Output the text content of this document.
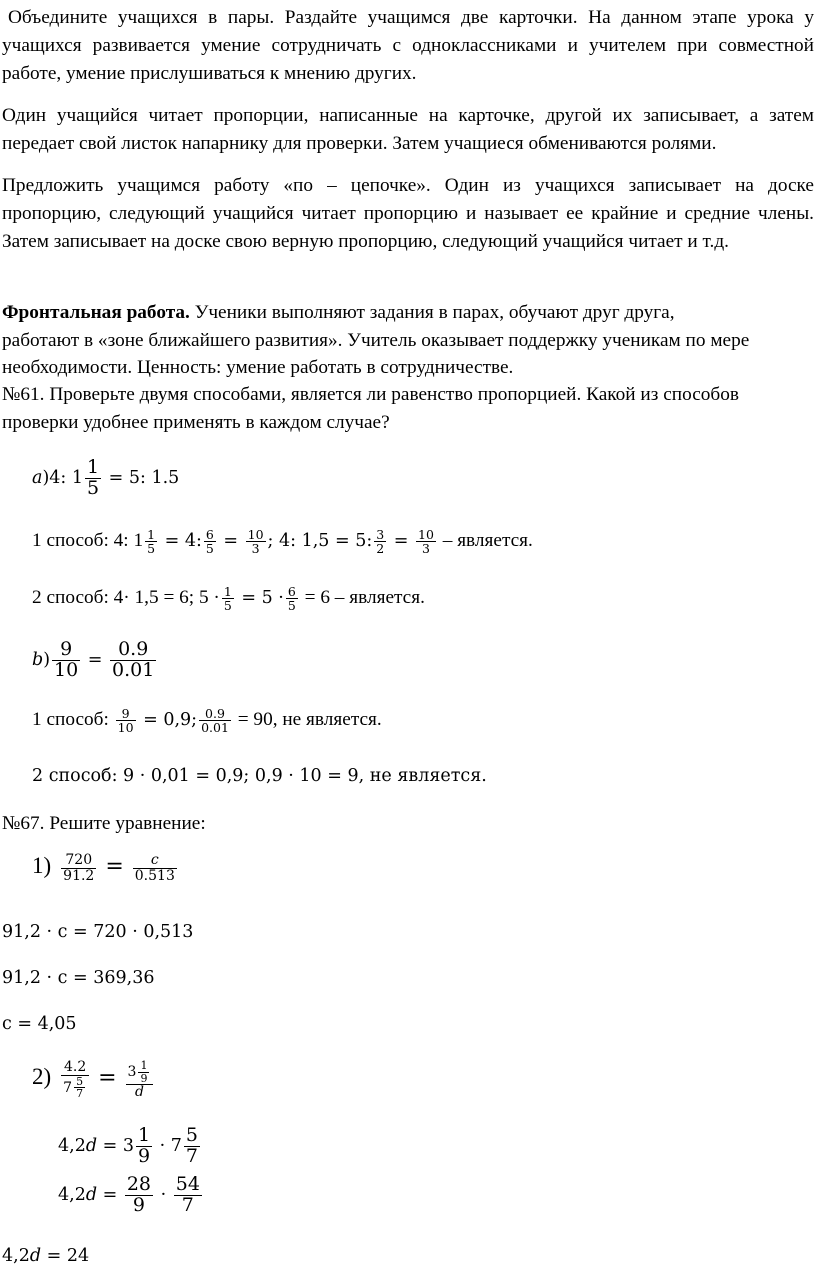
Объедините учащихся в пары. Раздайте учащимся две карточки. На данном этапе урока у учащихся развивается умение сотрудничать с одноклассниками и учителем при совместной работе, умение прислушиваться к мнению других.

Один учащийся читает пропорции, написанные на карточке, другой их записывает, а затем передает свой листок напарнику для проверки. Затем учащиеся обмениваются ролями.

Предложить учащимся работу «по – цепочке». Один из учащихся записывает на доске пропорцию, следующий учащийся читает пропорцию и называет ее крайние и средние члены. Затем записывает на доске свою верную пропорцию, следующий учащийся читает и т.д.

Фронтальная работа. Ученики выполняют задания в парах, обучают друг друга,
работают в «зоне ближайшего развития». Учитель оказывает поддержку ученикам по мере
необходимости. Ценность: умение работать в сотрудничестве.

№61. Проверьте двумя способами, является ли равенство пропорцией. Какой из способов проверки удобнее применять в каждом случае?

a)4: $1 \frac{1}{5} = 5$: 1.5
1 способ: 4: $1 \frac{1}{5} = 4$: $\frac{6}{5} = \frac{10}{3}$ ; 4: 1,5 = 5: $\frac{3}{2} = \frac{10}{3}$ – является.
2 способ: 4· 1,5 = 6; $5 \cdot \frac{1}{5} = 5 \cdot \frac{6}{5} = 6$ – является.
$b) \frac{9}{10} = \frac{0.9}{0.01}$
1 способ: $\frac{9}{10} = 0,9$; $\frac{0.9}{0.01} = 90$, не является.
2 способ: 9 · 0,01 = 0,9; 0,9 · 10 = 9, не является.
№67. Решите уравнение:
$1) \frac{720}{91.2} = \frac{c}{0.513}$
91,2 · c = 720 · 0,513
91,2 · c = 369,36
c = 4,05
$2) \frac{4.2}{7 \frac{5}{7}} = \frac{3 \frac{1}{9}}{d}$
$4,2d = 3 \frac{1}{9} \cdot 7 \frac{5}{7}$
$4,2d = \frac{28}{9} \cdot \frac{54}{7}$
4,2d = 24
